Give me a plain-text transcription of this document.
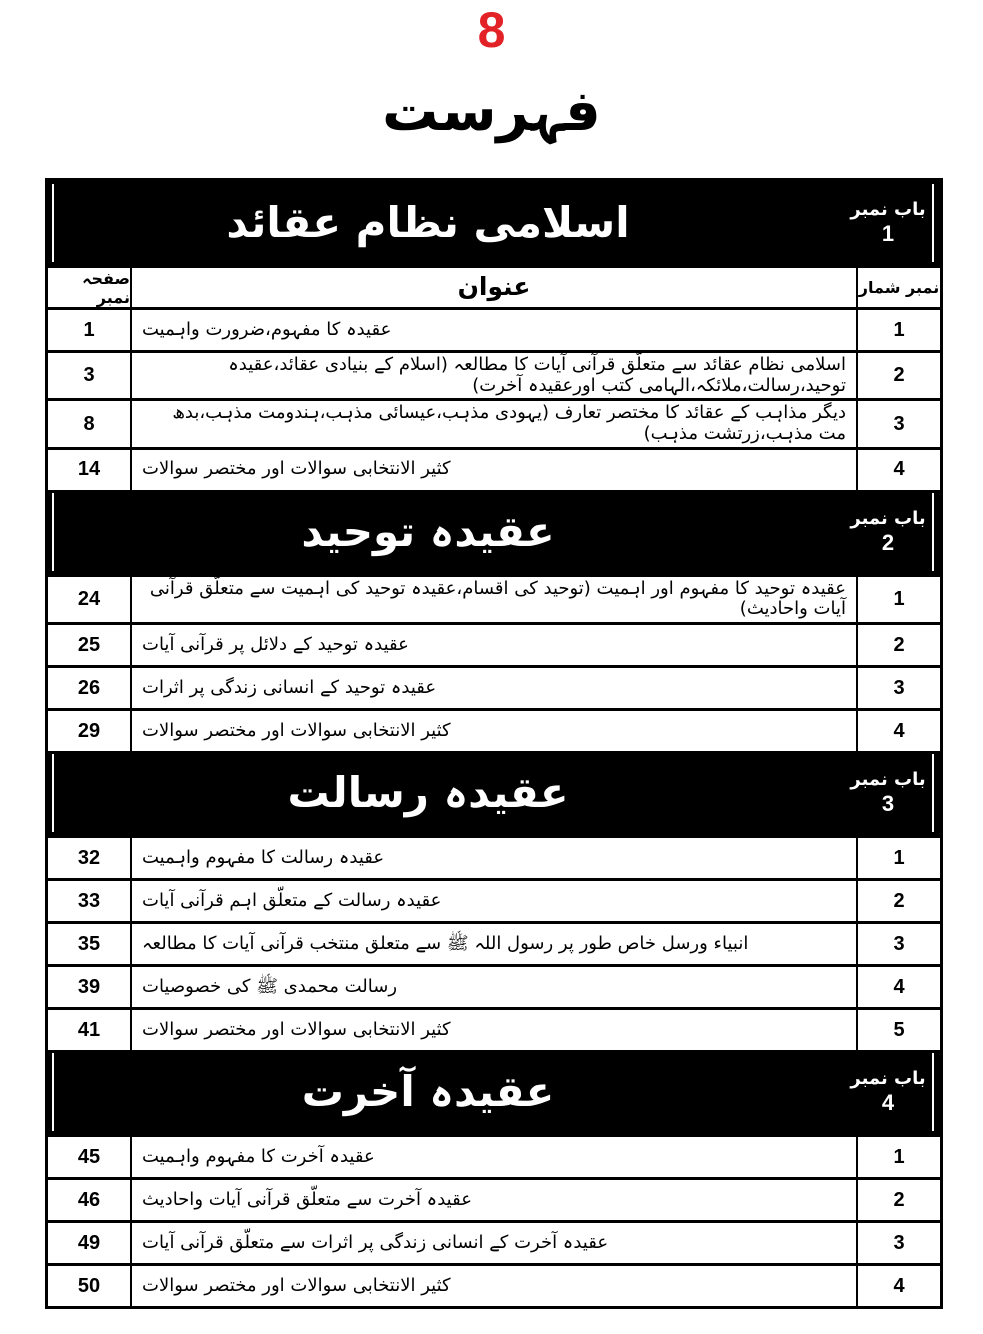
8
فہرست
اسلامی نظام عقائد	باب نمبر
1
صفحہ نمبر	عنوان	نمبر شمار
1	عقیدہ کا مفہوم،ضرورت واہمیت	1
3	اسلامی نظام عقائد سے متعلّق قرآنی آیات کا مطالعہ (اسلام کے بنیادی عقائد،عقیدہ توحید،رسالت،ملائکہ،الہامی کتب اورعقیدہ آخرت)	2
8	دیگر مذاہب کے عقائد کا مختصر تعارف (یہودی مذہب،عیسائی مذہب،ہندومت مذہب،بدھ مت مذہب،زرتشت مذہب)	3
14	کثیر الانتخابی سوالات اور مختصر سوالات	4
عقیدہ توحید	باب نمبر
2
24	عقیدہ توحید کا مفہوم اور اہمیت (توحید کی اقسام،عقیدہ توحید کی اہمیت سے متعلّق قرآنی آیات واحادیث)	1
25	عقیدہ توحید کے دلائل پر قرآنی آیات	2
26	عقیدہ توحید کے انسانی زندگی پر اثرات	3
29	کثیر الانتخابی سوالات اور مختصر سوالات	4
عقیدہ رسالت	باب نمبر
3
32	عقیدہ رسالت کا مفہوم واہمیت	1
33	عقیدہ رسالت کے متعلّق اہم قرآنی آیات	2
35	انبیاء ورسل خاص طور پر رسول اللہ ﷺ سے متعلق منتخب قرآنی آیات کا مطالعہ	3
39	رسالت محمدی ﷺ کی خصوصیات	4
41	کثیر الانتخابی سوالات اور مختصر سوالات	5
عقیدہ آخرت	باب نمبر
4
45	عقیدہ آخرت کا مفہوم واہمیت	1
46	عقیدہ آخرت سے متعلّق قرآنی آیات واحادیث	2
49	عقیدہ آخرت کے انسانی زندگی پر اثرات سے متعلّق قرآنی آیات	3
50	کثیر الانتخابی سوالات اور مختصر سوالات	4
